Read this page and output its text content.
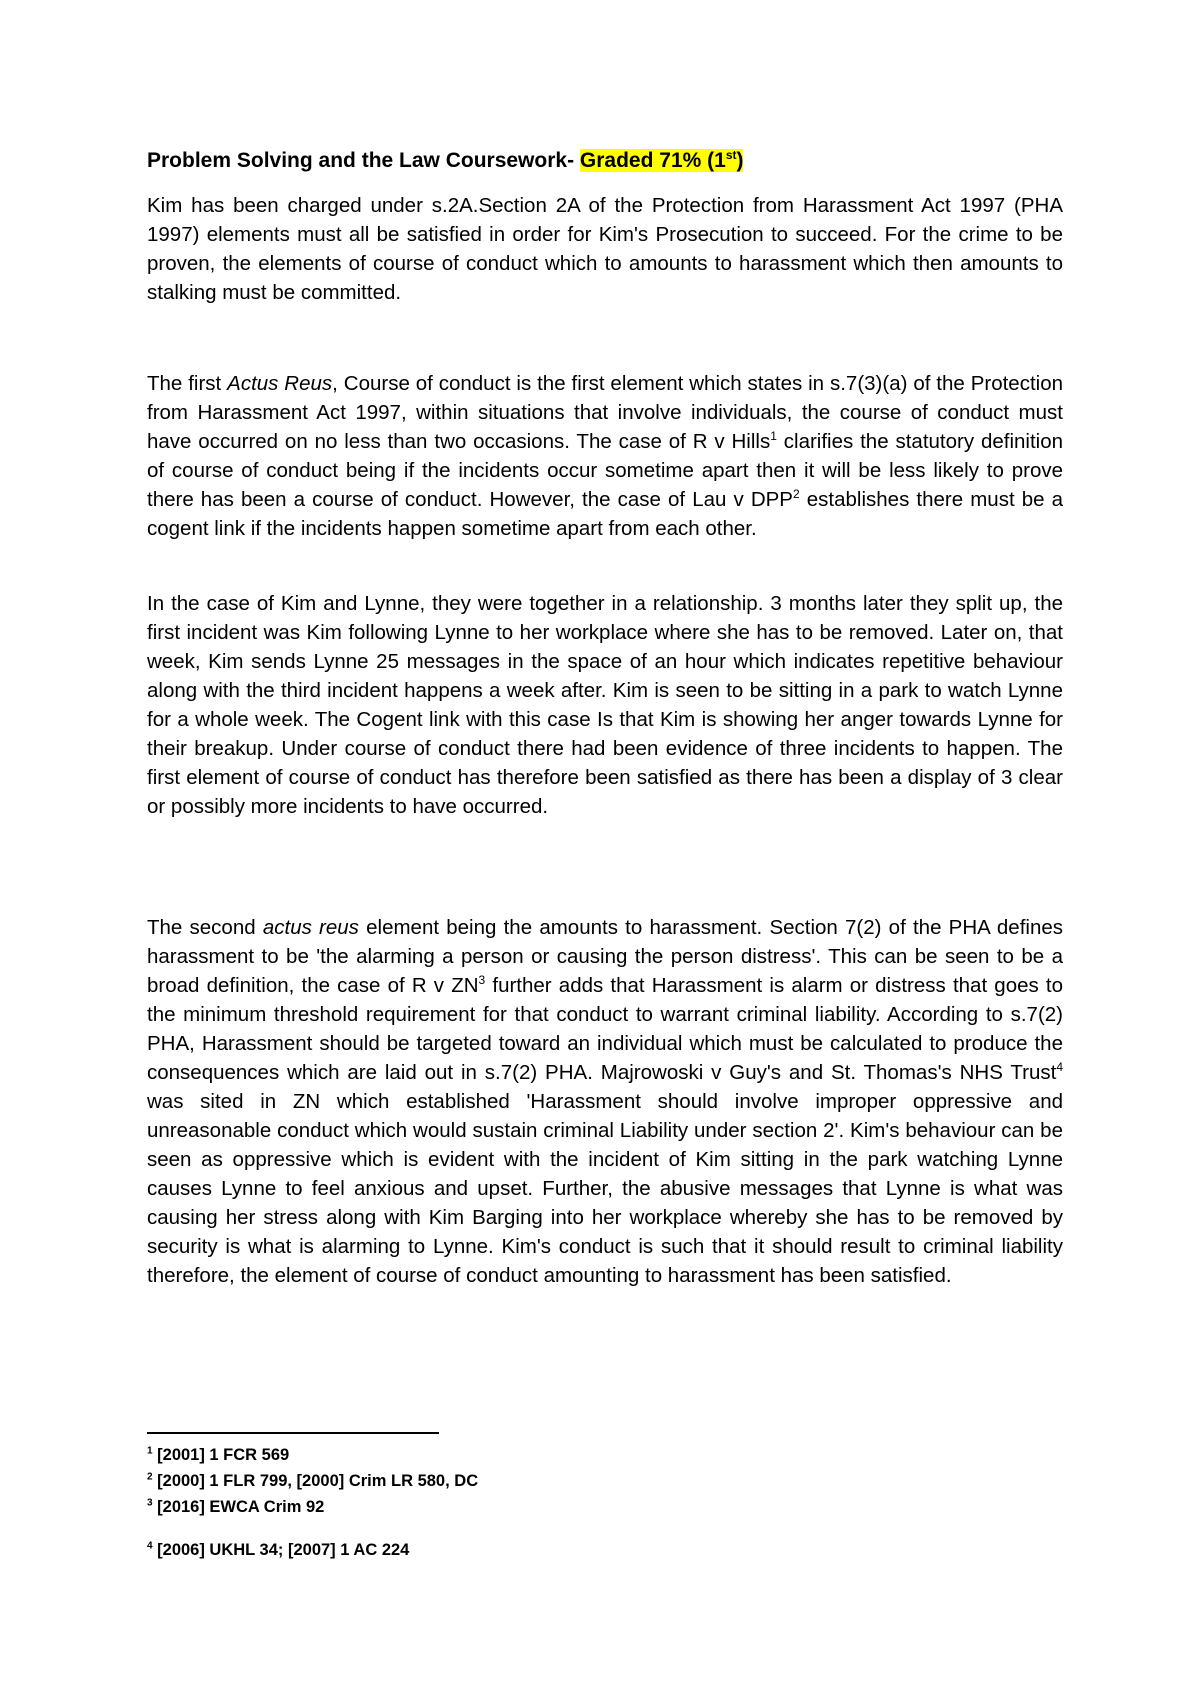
Problem Solving and the Law Coursework- Graded 71% (1st)

Kim has been charged under s.2A.Section 2A of the Protection from Harassment Act 1997 (PHA 1997) elements must all be satisfied in order for Kim's Prosecution to succeed. For the crime to be proven, the elements of course of conduct which to amounts to harassment which then amounts to stalking must be committed.

The first Actus Reus, Course of conduct is the first element which states in s.7(3)(a) of the Protection from Harassment Act 1997, within situations that involve individuals, the course of conduct must have occurred on no less than two occasions. The case of R v Hills$^1$ clarifies the statutory definition of course of conduct being if the incidents occur sometime apart then it will be less likely to prove there has been a course of conduct. However, the case of Lau v DPP$^2$ establishes there must be a cogent link if the incidents happen sometime apart from each other.

In the case of Kim and Lynne, they were together in a relationship. 3 months later they split up, the first incident was Kim following Lynne to her workplace where she has to be removed. Later on, that week, Kim sends Lynne 25 messages in the space of an hour which indicates repetitive behaviour along with the third incident happens a week after. Kim is seen to be sitting in a park to watch Lynne for a whole week. The Cogent link with this case Is that Kim is showing her anger towards Lynne for their breakup. Under course of conduct there had been evidence of three incidents to happen. The first element of course of conduct has therefore been satisfied as there has been a display of 3 clear or possibly more incidents to have occurred.

The second actus reus element being the amounts to harassment. Section 7(2) of the PHA defines harassment to be 'the alarming a person or causing the person distress'. This can be seen to be a broad definition, the case of R v $ZN^3$ further adds that Harassment is alarm or distress that goes to the minimum threshold requirement for that conduct to warrant criminal liability. According to s.7(2) PHA, Harassment should be targeted toward an individual which must be calculated to produce the consequences which are laid out in s.7(2) PHA. Majrowoski v Guy's and St. Thomas's NHS Trust$^4$ was sited in ZN which established 'Harassment should involve improper oppressive and unreasonable conduct which would sustain criminal Liability under section 2'. Kim's behaviour can be seen as oppressive which is evident with the incident of Kim sitting in the park watching Lynne causes Lynne to feel anxious and upset. Further, the abusive messages that Lynne is what was causing her stress along with Kim Barging into her workplace whereby she has to be removed by security is what is alarming to Lynne. Kim's conduct is such that it should result to criminal liability therefore, the element of course of conduct amounting to harassment has been satisfied.

$^1$ [2001] 1 FCR 569
$^2$ [2000] 1 FLR 799, [2000] Crim LR 580, DC
$^3$ [2016] EWCA Crim 92
$^4$ [2006] UKHL 34; [2007] 1 AC 224
